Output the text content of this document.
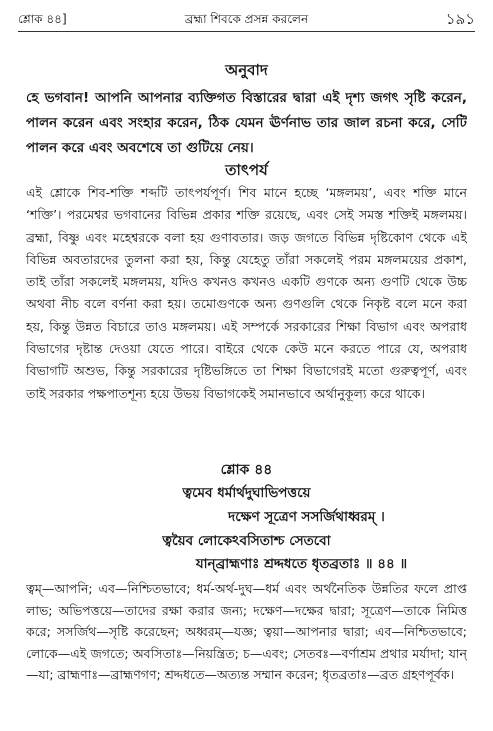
শ্লোক ৪৪]	ব্রহ্মা শিবকে প্রসন্ন করলেন	১৯১
অনুবাদ
হে ভগবান! আপনি আপনার ব্যক্তিগত বিস্তারের দ্বারা এই দৃশ্য জগৎ সৃষ্টি করেন, পালন করেন এবং সংহার করেন, ঠিক যেমন ঊর্ণনাভ তার জাল রচনা করে, সেটি পালন করে এবং অবশেষে তা গুটিয়ে নেয়।
তাৎপর্য
এই শ্লোকে শিব-শক্তি শব্দটি তাৎপর্যপূর্ণ। শিব মানে হচ্ছে ‘মঙ্গলময়’, এবং শক্তি মানে ‘শক্তি’। পরমেশ্বর ভগবানের বিভিন্ন প্রকার শক্তি রয়েছে, এবং সেই সমস্ত শক্তিই মঙ্গলময়। ব্রহ্মা, বিষ্ণু এবং মহেশ্বরকে বলা হয় গুণাবতার। জড় জগতে বিভিন্ন দৃষ্টিকোণ থেকে এই বিভিন্ন অবতারদের তুলনা করা হয়, কিন্তু যেহেতু তাঁরা সকলেই পরম মঙ্গলময়ের প্রকাশ, তাই তাঁরা সকলেই মঙ্গলময়, যদিও কখনও কখনও একটি গুণকে অন্য গুণটি থেকে উচ্চ অথবা নীচ বলে বর্ণনা করা হয়। তমোগুণকে অন্য গুণগুলি থেকে নিকৃষ্ট বলে মনে করা হয়, কিন্তু উন্নত বিচারে তাও মঙ্গলময়। এই সম্পর্কে সরকারের শিক্ষা বিভাগ এবং অপরাধ বিভাগের দৃষ্টান্ত দেওয়া যেতে পারে। বাইরে থেকে কেউ মনে করতে পারে যে, অপরাধ বিভাগটি অশুভ, কিন্তু সরকারের দৃষ্টিভঙ্গিতে তা শিক্ষা বিভাগেরই মতো গুরুত্বপূর্ণ, এবং তাই সরকার পক্ষপাতশূন্য হয়ে উভয় বিভাগকেই সমানভাবে অর্থানুকূল্য করে থাকে।
শ্লোক ৪৪
ত্বমেব ধর্মার্থদুঘাভিপত্তয়ে
দক্ষেণ সূত্রেণ সসর্জিথাধ্বরম্ ।
ত্বয়ৈব লোকেঽবসিতাশ্চ সেতবো
যান্‌ব্রাহ্মণাঃ শ্রদ্দধতে ধৃতব্রতাঃ ॥ ৪৪ ॥
ত্বম্—আপনি; এব—নিশ্চিতভাবে; ধর্ম-অর্থ-দুঘ—ধর্ম এবং অর্থনৈতিক উন্নতির ফলে প্রাপ্ত লাভ; অভিপত্তয়ে—তাদের রক্ষা করার জন্য; দক্ষেণ—দক্ষের দ্বারা; সূত্রেণ—তাকে নিমিত্ত করে; সসর্জিথ—সৃষ্টি করেছেন; অধ্বরম্—যজ্ঞ; ত্বয়া—আপনার দ্বারা; এব—নিশ্চিতভাবে; লোকে—এই জগতে; অবসিতাঃ—নিয়ন্ত্রিত; চ—এবং; সেতবঃ—বর্ণাশ্রম প্রথার মর্যাদা; যান্—যা; ব্রাহ্মণাঃ—ব্রাহ্মণগণ; শ্রদ্দধতে—অত্যন্ত সম্মান করেন; ধৃতব্রতাঃ—ব্রত গ্রহণপূর্বক।
